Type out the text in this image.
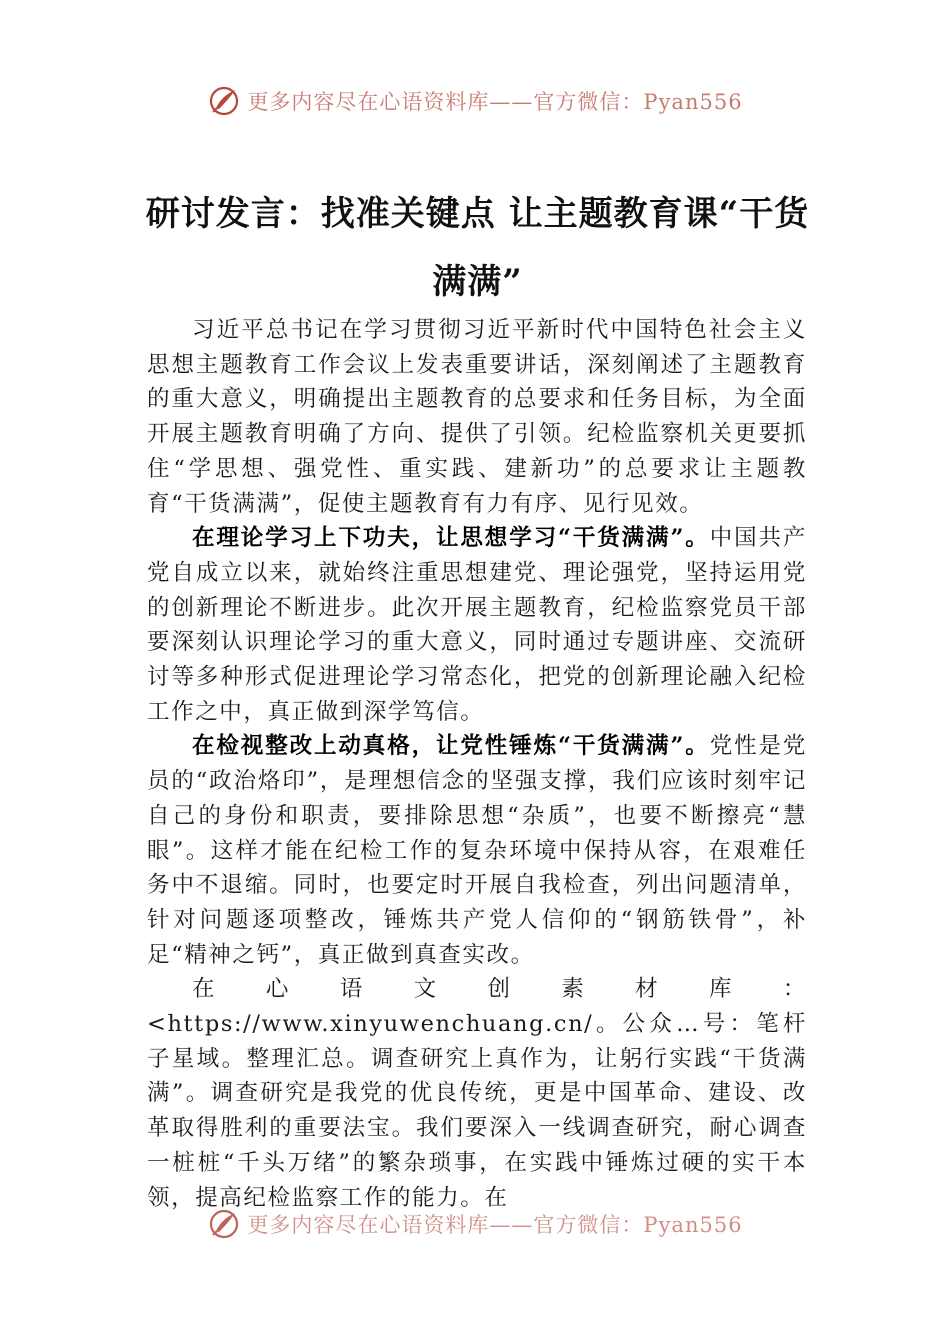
更多内容尽在心语资料库——官方微信：Pyan556
研讨发言：找准关键点 让主题教育课“干货满满”

习近平总书记在学习贯彻习近平新时代中国特色社会主义思想主题教育工作会议上发表重要讲话，深刻阐述了主题教育的重大意义，明确提出主题教育的总要求和任务目标，为全面开展主题教育明确了方向、提供了引领。纪检监察机关更要抓住“学思想、强党性、重实践、建新功”的总要求让主题教育“干货满满”，促使主题教育有力有序、见行见效。

在理论学习上下功夫，让思想学习“干货满满”。中国共产党自成立以来，就始终注重思想建党、理论强党，坚持运用党的创新理论不断进步。此次开展主题教育，纪检监察党员干部要深刻认识理论学习的重大意义，同时通过专题讲座、交流研讨等多种形式促进理论学习常态化，把党的创新理论融入纪检工作之中，真正做到深学笃信。

在检视整改上动真格，让党性锤炼“干货满满”。党性是党员的“政治烙印”，是理想信念的坚强支撑，我们应该时刻牢记自己的身份和职责，要排除思想“杂质”，也要不断擦亮“慧眼”。这样才能在纪检工作的复杂环境中保持从容，在艰难任务中不退缩。同时，也要定时开展自我检查，列出问题清单，针对问题逐项整改，锤炼共产党人信仰的“钢筋铁骨”，补足“精神之钙”，真正做到真查实改。

在心语文创素材库：<https://www.xinyuwenchuang.cn/。公众…号：笔杆子星域。整理汇总。调查研究上真作为，让躬行实践“干货满满”。调查研究是我党的优良传统，更是中国革命、建设、改革取得胜利的重要法宝。我们要深入一线调查研究，耐心调查一桩桩“千头万绪”的繁杂琐事，在实践中锤炼过硬的实干本领，提高纪检监察工作的能力。在

更多内容尽在心语资料库——官方微信：Pyan556
